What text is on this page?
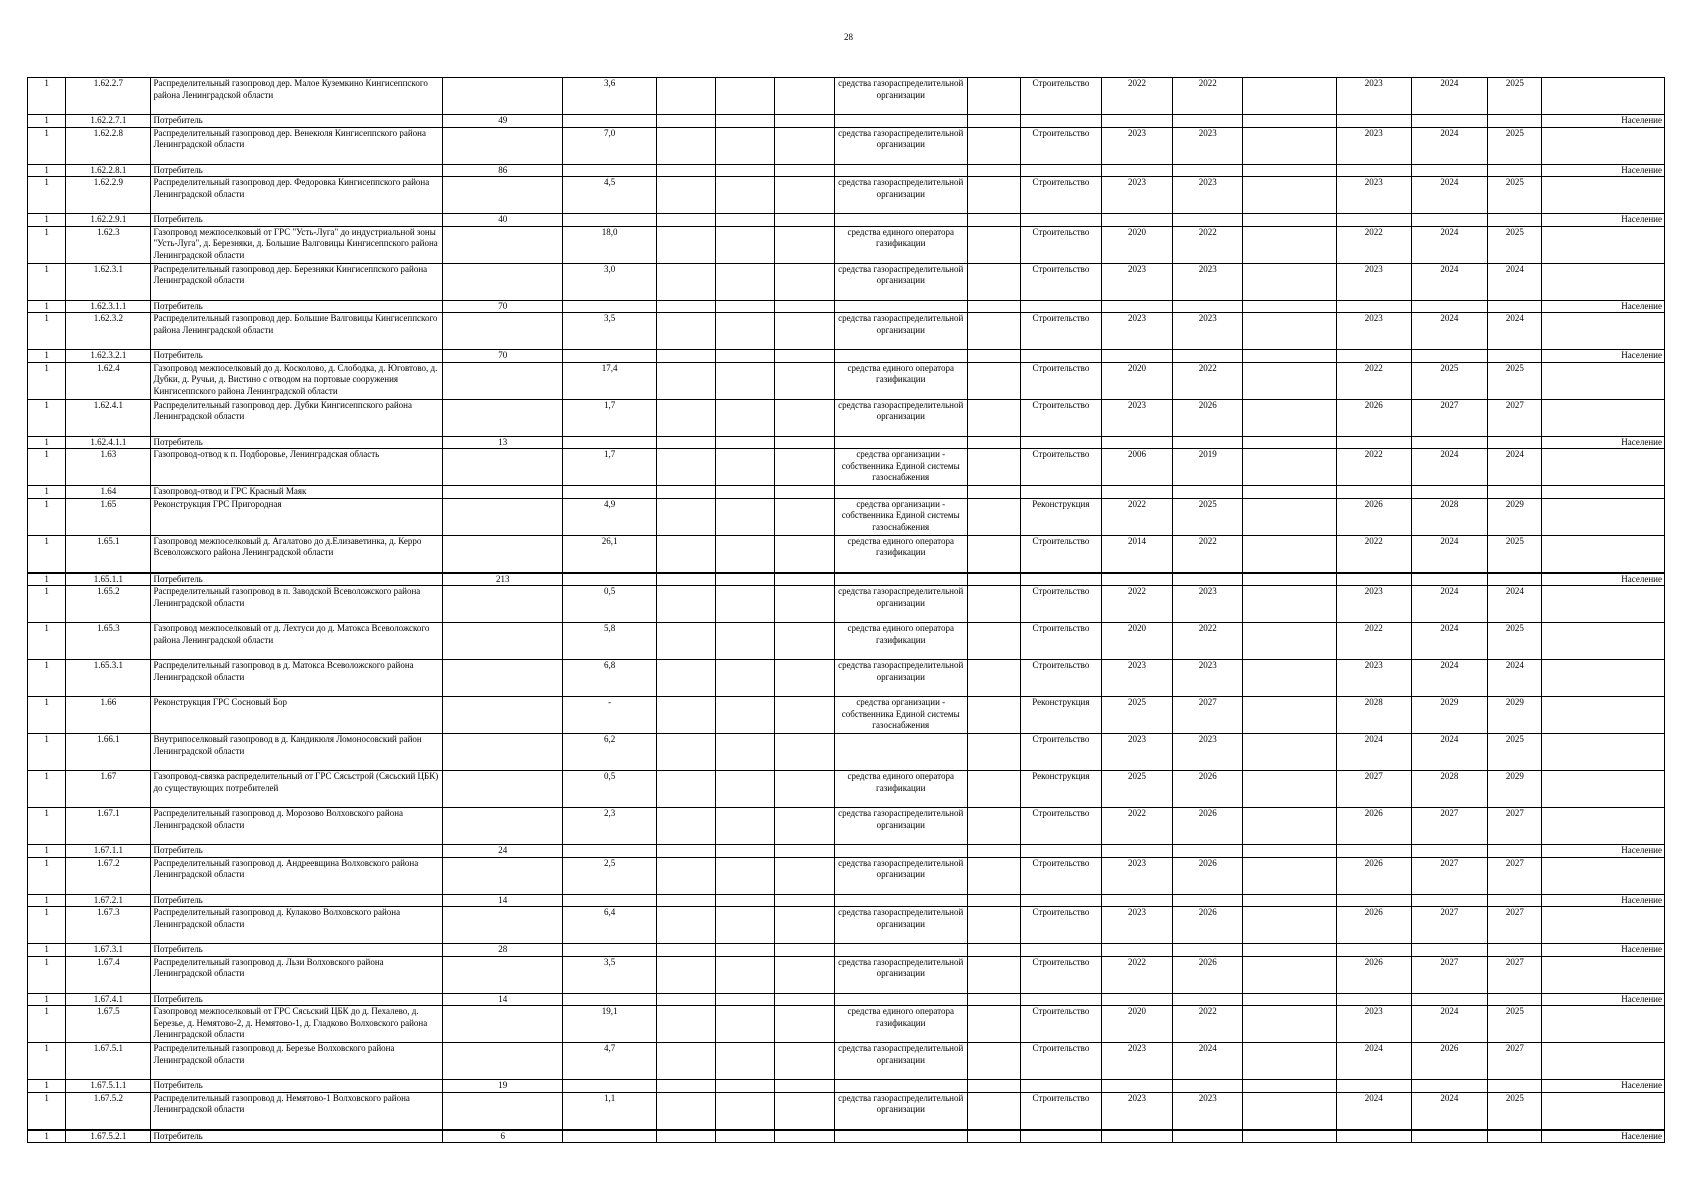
28
1	1.62.2.7	Распределительный газопровод дер. Малое Куземкино Кингисеппского района Ленинградской области		3,6				средства газораспределительной организации		Строительство	2022	2022		2023	2024	2025	
1	1.62.2.7.1	Потребитель	49														Население
1	1.62.2.8	Распределительный газопровод дер. Венекюля Кингисеппского района Ленинградской области		7,0				средства газораспределительной организации		Строительство	2023	2023		2023	2024	2025	
1	1.62.2.8.1	Потребитель	86														Население
1	1.62.2.9	Распределительный газопровод дер. Федоровка Кингисеппского района Ленинградской области		4,5				средства газораспределительной организации		Строительство	2023	2023		2023	2024	2025	
1	1.62.2.9.1	Потребитель	40														Население
1	1.62.3	Газопровод межпоселковый от ГРС "Усть-Луга" до индустриальной зоны "Усть-Луга", д. Березняки, д. Большие Валговицы Кингисеппского района Ленинградской области		18,0				средства единого оператора газификации		Строительство	2020	2022		2022	2024	2025	
1	1.62.3.1	Распределительный газопровод дер. Березняки Кингисеппского района Ленинградской области		3,0				средства газораспределительной организации		Строительство	2023	2023		2023	2024	2024	
1	1.62.3.1.1	Потребитель	70														Население
1	1.62.3.2	Распределительный газопровод дер. Большие Валговицы Кингисеппского района Ленинградской области		3,5				средства газораспределительной организации		Строительство	2023	2023		2023	2024	2024	
1	1.62.3.2.1	Потребитель	70														Население
1	1.62.4	Газопровод межпоселковый до д. Косколово, д. Слободка, д. Юговтово, д. Дубки, д. Ручьи, д. Вистино с отводом на портовые сооружения Кингисеппского района Ленинградской области		17,4				средства единого оператора газификации		Строительство	2020	2022		2022	2025	2025	
1	1.62.4.1	Распределительный газопровод дер. Дубки Кингисеппского района Ленинградской области		1,7				средства газораспределительной организации		Строительство	2023	2026		2026	2027	2027	
1	1.62.4.1.1	Потребитель	13														Население
1	1.63	Газопровод-отвод к п. Подборовье, Ленинградская область		1,7				средства организации - собственника Единой системы газоснабжения		Строительство	2006	2019		2022	2024	2024	
1	1.64	Газопровод-отвод и ГРС Красный Маяк															
1	1.65	Реконструкция ГРС Пригородная		4,9				средства организации - собственника Единой системы газоснабжения		Реконструкция	2022	2025		2026	2028	2029	
1	1.65.1	Газопровод межпоселковый д. Агалатово до д.Елизаветинка, д. Керро Всеволожского района Ленинградской области		26,1				средства единого оператора газификации		Строительство	2014	2022		2022	2024	2025	
1	1.65.1.1	Потребитель	213														Население
1	1.65.2	Распределительный газопровод в п. Заводской Всеволожского района Ленинградской области		0,5				средства газораспределительной организации		Строительство	2022	2023		2023	2024	2024	
1	1.65.3	Газопровод межпоселковый от д. Лехтуси до д. Матокса Всеволожского района Ленинградской области		5,8				средства единого оператора газификации		Строительство	2020	2022		2022	2024	2025	
1	1.65.3.1	Распределительный газопровод в д. Матокса Всеволожского района Ленинградской области		6,8				средства газораспределительной организации		Строительство	2023	2023		2023	2024	2024	
1	1.66	Реконструкция ГРС Сосновый Бор		-				средства организации - собственника Единой системы газоснабжения		Реконструкция	2025	2027		2028	2029	2029	
1	1.66.1	Внутрипоселковый газопровод в д. Кандикюля Ломоносовский район Ленинградской области		6,2						Строительство	2023	2023		2024	2024	2025	
1	1.67	Газопровод-связка распределительный от ГРС Сясьстрой (Сясьский ЦБК) до существующих потребителей		0,5				средства единого оператора газификации		Реконструкция	2025	2026		2027	2028	2029	
1	1.67.1	Распределительный газопровод д. Морозово Волховского района Ленинградской области		2,3				средства газораспределительной организации		Строительство	2022	2026		2026	2027	2027	
1	1.67.1.1	Потребитель	24														Население
1	1.67.2	Распределительный газопровод д. Андреевщина Волховского района Ленинградской области		2,5				средства газораспределительной организации		Строительство	2023	2026		2026	2027	2027	
1	1.67.2.1	Потребитель	14														Население
1	1.67.3	Распределительный газопровод д. Кулаково Волховского района Ленинградской области		6,4				средства газораспределительной организации		Строительство	2023	2026		2026	2027	2027	
1	1.67.3.1	Потребитель	28														Население
1	1.67.4	Распределительный газопровод д. Льзи Волховского района Ленинградской области		3,5				средства газораспределительной организации		Строительство	2022	2026		2026	2027	2027	
1	1.67.4.1	Потребитель	14														Население
1	1.67.5	Газопровод межпоселковый от ГРС Сясьский ЦБК до д. Пехалево, д. Березье, д. Немятово-2, д. Немятово-1, д. Гладково Волховского района Ленинградской области		19,1				средства единого оператора газификации		Строительство	2020	2022		2023	2024	2025	
1	1.67.5.1	Распределительный газопровод д. Березье Волховского района Ленинградской области		4,7				средства газораспределительной организации		Строительство	2023	2024		2024	2026	2027	
1	1.67.5.1.1	Потребитель	19														Население
1	1.67.5.2	Распределительный газопровод д. Немятово-1 Волховского района Ленинградской области		1,1				средства газораспределительной организации		Строительство	2023	2023		2024	2024	2025	
1	1.67.5.2.1	Потребитель	6														Население
